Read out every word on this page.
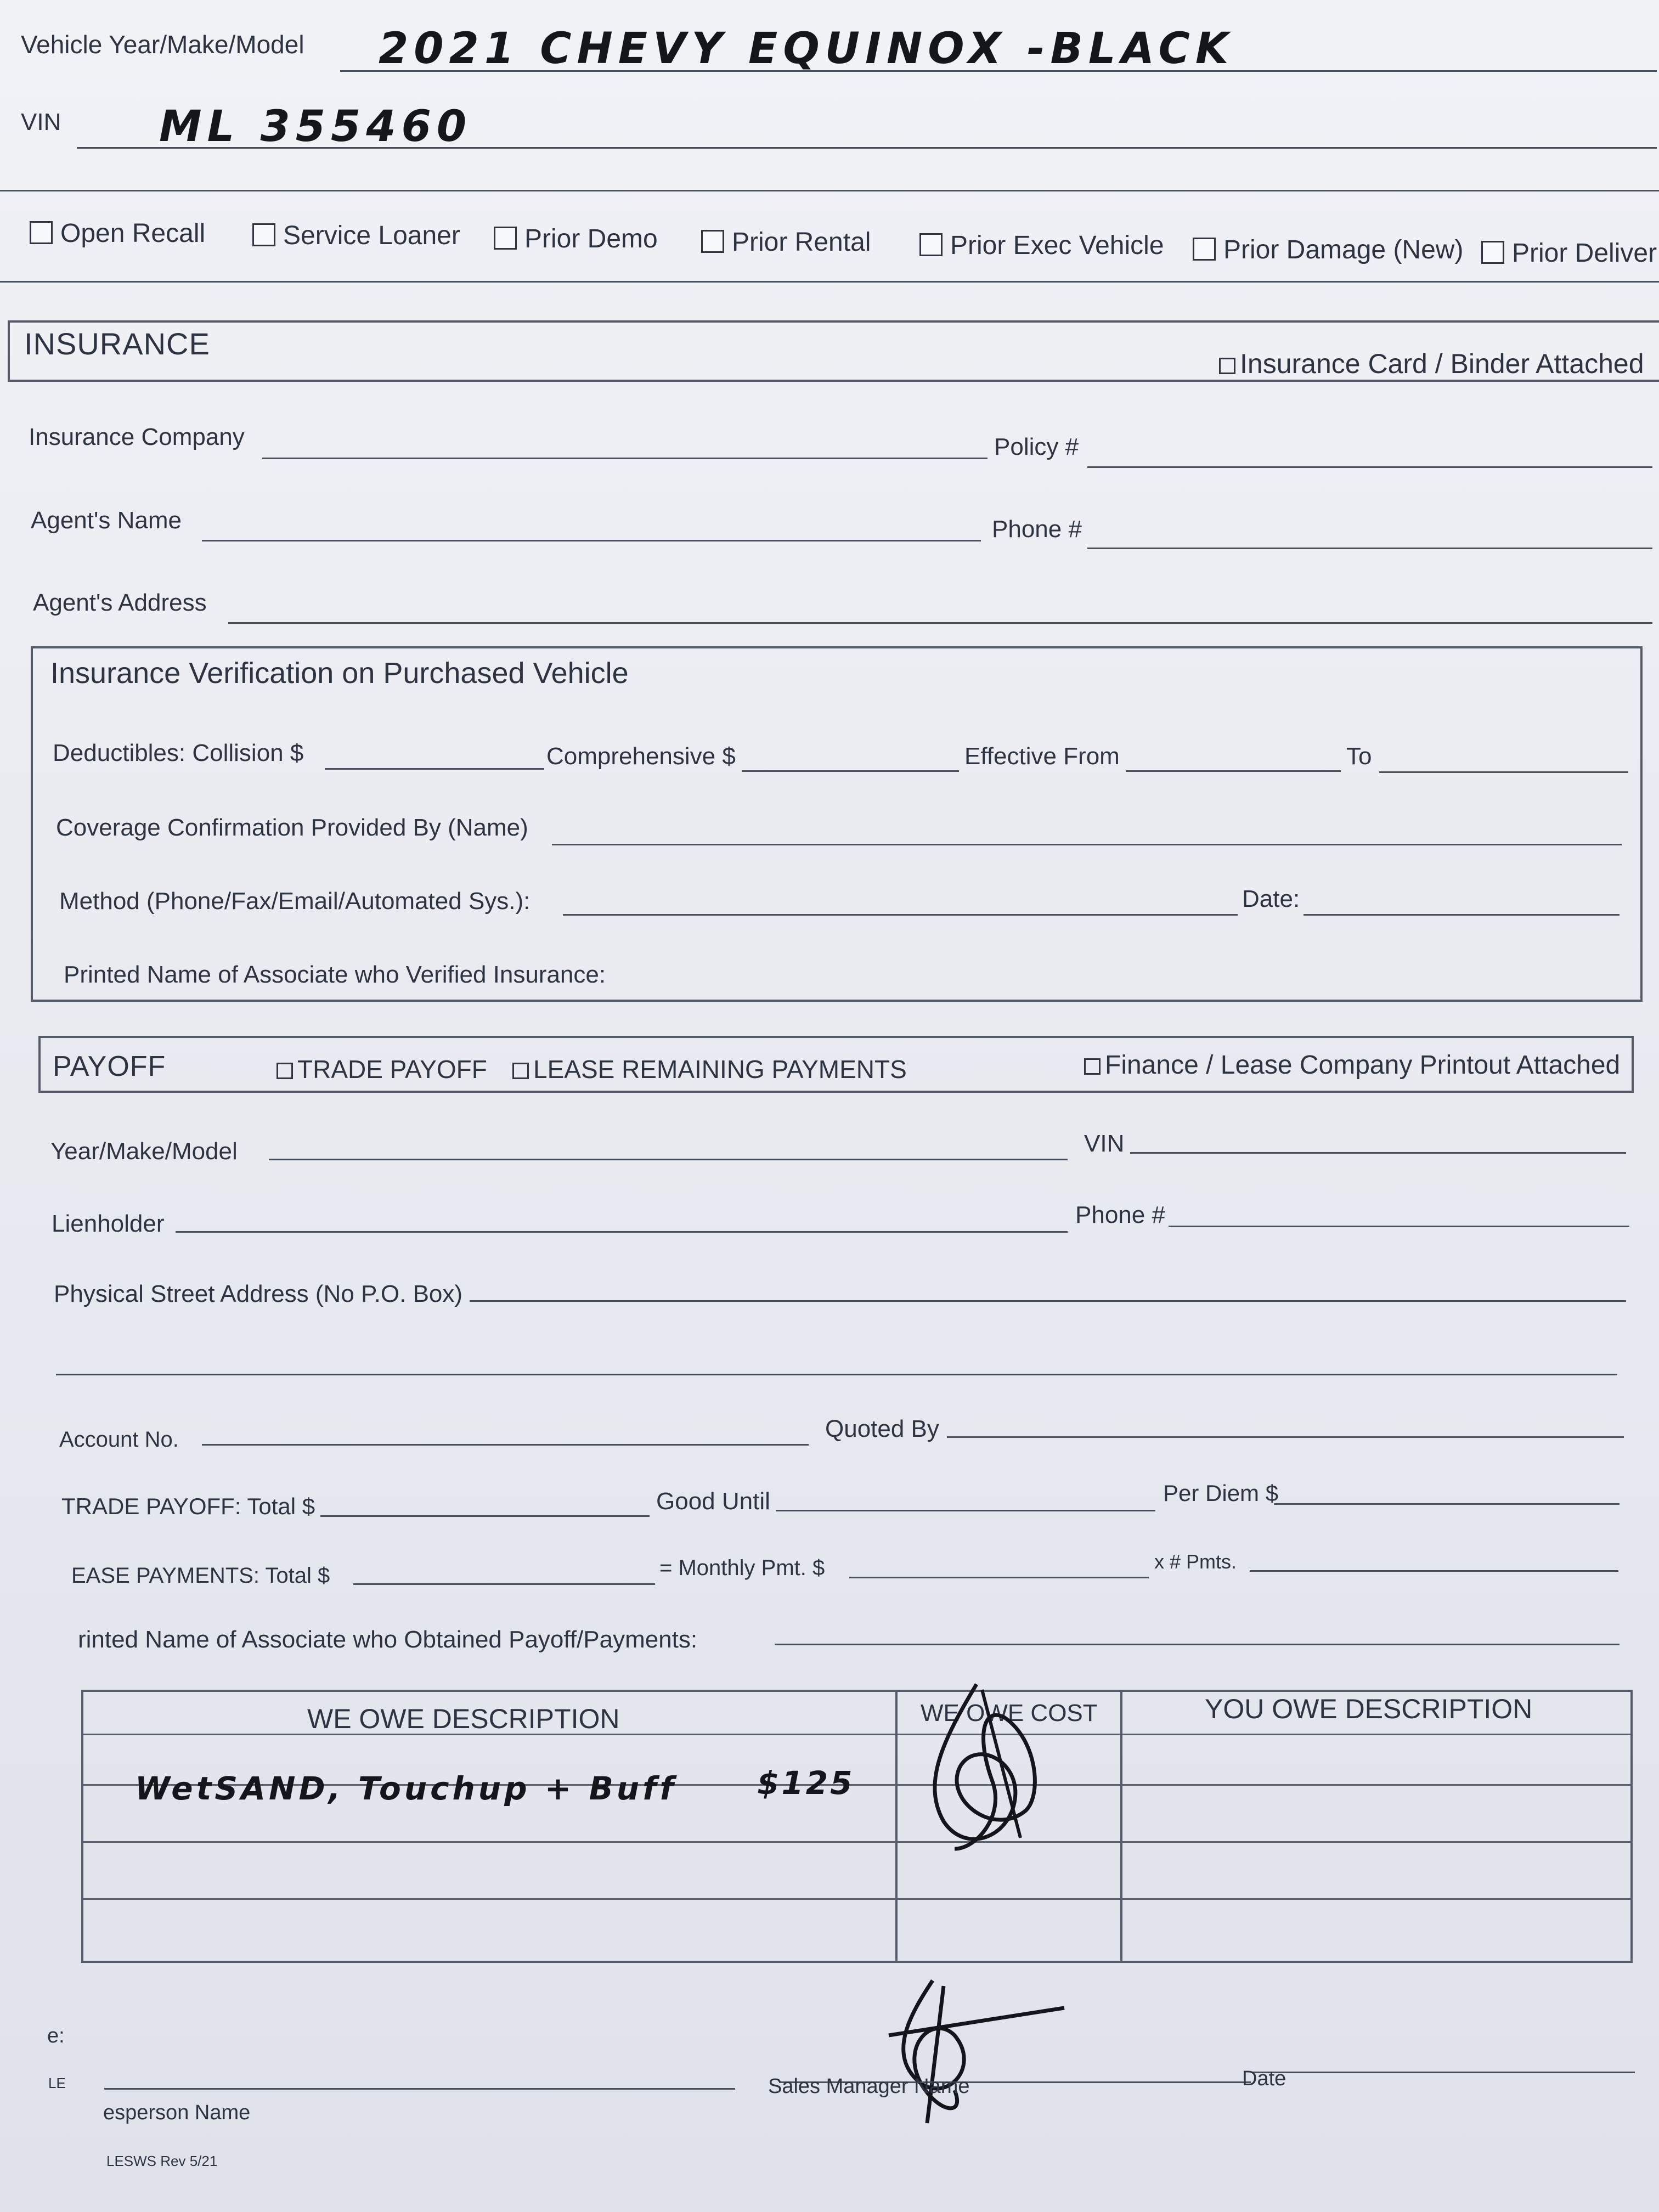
Vehicle Year/Make/Model 2021 CHEVY EQUINOX -BLACK
VIN ML 355460
Open Recall	Service Loaner	Prior Demo	Prior Rental	Prior Exec Vehicle	Prior Damage (New)	Prior Deliver
INSURANCE
Insurance Card / Binder Attached
Insurance Company	Policy #
Agent's Name	Phone #
Agent's Address
Insurance Verification on Purchased Vehicle
Deductibles: Collision $	Comprehensive $	Effective From	To
Coverage Confirmation Provided By (Name)
Method (Phone/Fax/Email/Automated Sys.):	Date:
Printed Name of Associate who Verified Insurance:
PAYOFF	TRADE PAYOFF	LEASE REMAINING PAYMENTS	Finance / Lease Company Printout Attached
Year/Make/Model	VIN
Lienholder	Phone #
Physical Street Address (No P.O. Box)
Account No.	Quoted By
TRADE PAYOFF: Total $	Good Until	Per Diem $
EASE PAYMENTS: Total $	= Monthly Pmt. $	x # Pmts.
rinted Name of Associate who Obtained Payoff/Payments:
WE OWE DESCRIPTION	WE OWE COST	YOU OWE DESCRIPTION
WetSAND, Touchup + Buff	$125
esperson Name
Sales Manager Name	Date
LESWS Rev 5/21
e:
LE
